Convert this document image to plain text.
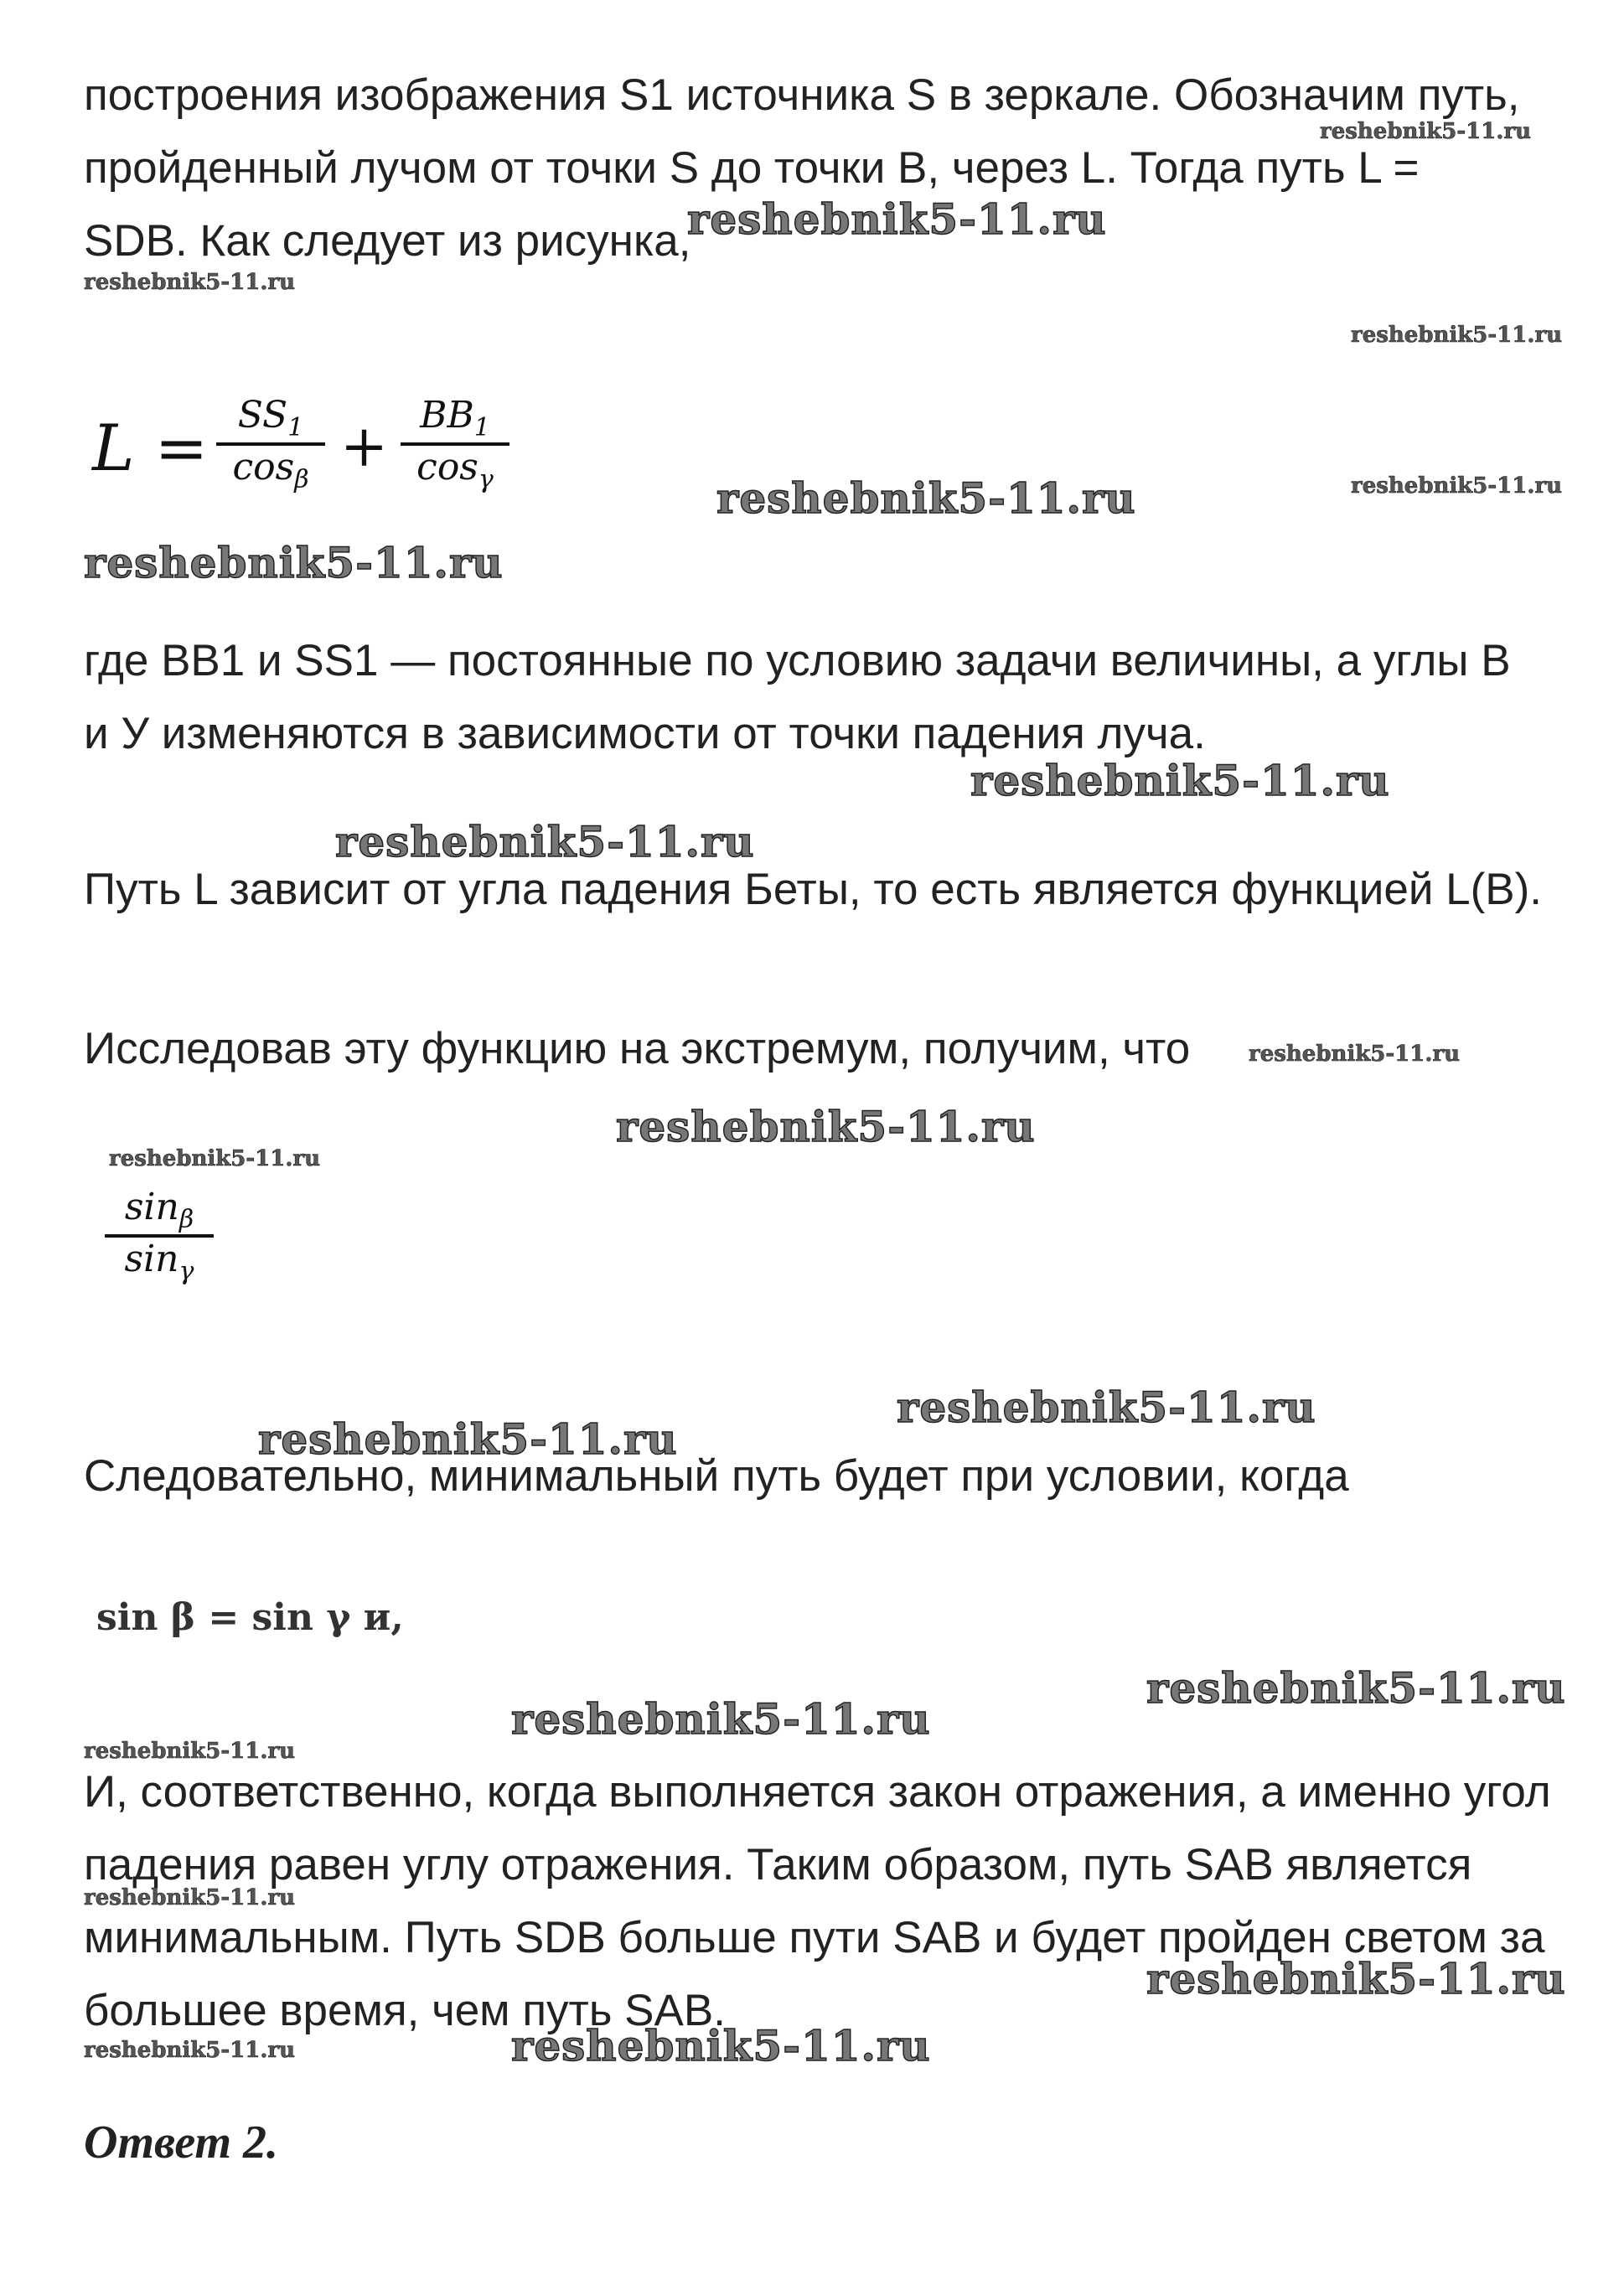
построения изображения S1 источника S в зеркале. Обозначим путь,
пройденный лучом от точки S до точки B, через L. Тогда путь L =
SDB. Как следует из рисунка,
$L = SS_1$
$\cos_\beta + BB_1$
$\cos_\gamma$
где BB1 и SS1 — постоянные по условию задачи величины, а углы В
и У изменяются в зависимости от точки падения луча.
Путь L зависит от угла падения Беты, то есть является функцией L(B).
Исследовав эту функцию на экстремум, получим, что
$\sin_\beta$
$\sin_\gamma$
Следовательно, минимальный путь будет при условии, когда
sin β = sin γ и,
И, соответственно, когда выполняется закон отражения, а именно угол
падения равен углу отражения. Таким образом, путь SAB является
минимальным. Путь SDB больше пути SAB и будет пройден светом за
большее время, чем путь SAB.
Ответ 2.
reshebnik5-11.ru
reshebnik5-11.ru
reshebnik5-11.ru
reshebnik5-11.ru
reshebnik5-11.ru	reshebnik5-11.ru
reshebnik5-11.ru
reshebnik5-11.ru
reshebnik5-11.ru
reshebnik5-11.ru
reshebnik5-11.ru
reshebnik5-11.ru
reshebnik5-11.ru
reshebnik5-11.ru
reshebnik5-11.ru
reshebnik5-11.ru
reshebnik5-11.ru
reshebnik5-11.ru
reshebnik5-11.ru
reshebnik5-11.ru
reshebnik5-11.ru
